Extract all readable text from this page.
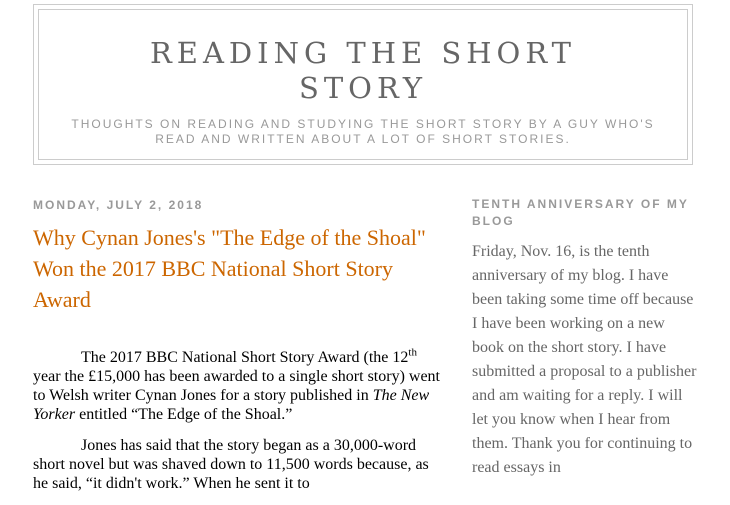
READING THE SHORT STORY
THOUGHTS ON READING AND STUDYING THE SHORT STORY BY A GUY WHO'S READ AND WRITTEN ABOUT A LOT OF SHORT STORIES.
MONDAY, JULY 2, 2018
Why Cynan Jones's "The Edge of the Shoal" Won the 2017 BBC National Short Story Award

The 2017 BBC National Short Story Award (the 12th year the £15,000 has been awarded to a single short story) went to Welsh writer Cynan Jones for a story published in The New Yorker entitled “The Edge of the Shoal.”

Jones has said that the story began as a 30,000-word short novel but was shaved down to 11,500 words because, as he said, “it didn't work.” When he sent it to

TENTH ANNIVERSARY OF MY BLOG
Friday, Nov. 16, is the tenth anniversary of my blog. I have been taking some time off because I have been working on a new book on the short story. I have submitted a proposal to a publisher and am waiting for a reply. I will let you know when I hear from them. Thank you for continuing to read essays in
